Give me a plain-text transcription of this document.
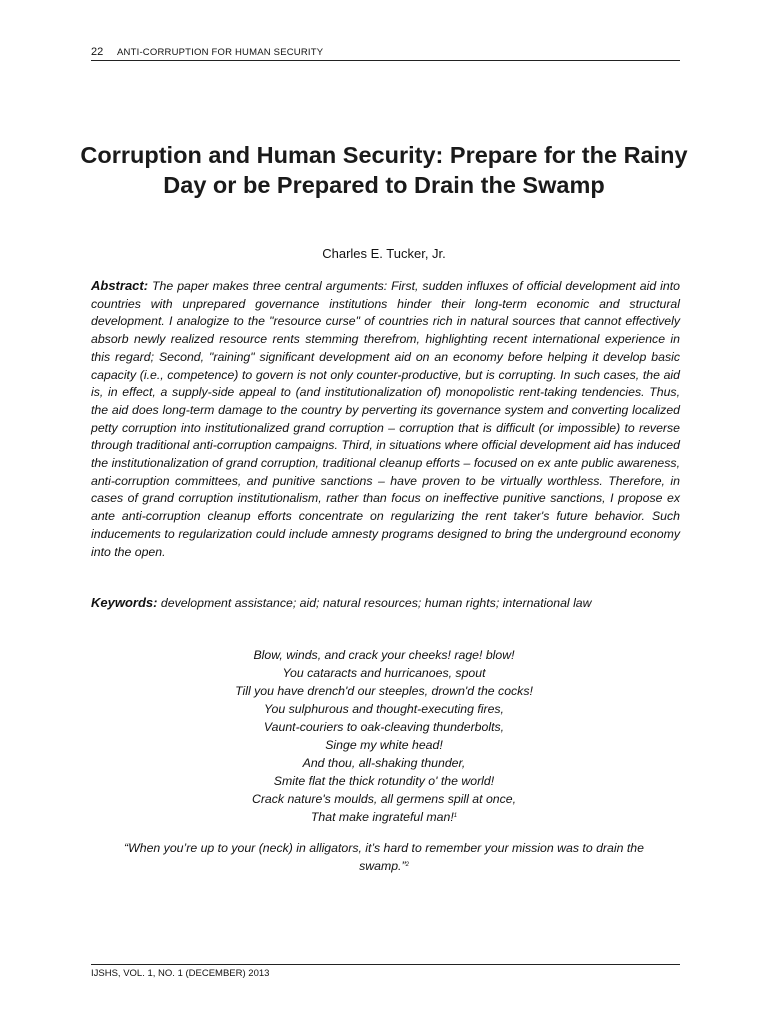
22 ANTI-CORRUPTION FOR HUMAN SECURITY
Corruption and Human Security: Prepare for the Rainy Day or be Prepared to Drain the Swamp
Charles E. Tucker, Jr.
Abstract: The paper makes three central arguments: First, sudden influxes of official development aid into countries with unprepared governance institutions hinder their long-term economic and structural development. I analogize to the "resource curse" of countries rich in natural sources that cannot effectively absorb newly realized resource rents stemming therefrom, highlighting recent international experience in this regard; Second, "raining" significant development aid on an economy before helping it develop basic capacity (i.e., competence) to govern is not only counter-productive, but is corrupting. In such cases, the aid is, in effect, a supply-side appeal to (and institutionalization of) monopolistic rent-taking tendencies. Thus, the aid does long-term damage to the country by perverting its governance system and converting localized petty corruption into institutionalized grand corruption – corruption that is difficult (or impossible) to reverse through traditional anti-corruption campaigns. Third, in situations where official development aid has induced the institutionalization of grand corruption, traditional cleanup efforts – focused on ex ante public awareness, anti-corruption committees, and punitive sanctions – have proven to be virtually worthless. Therefore, in cases of grand corruption institutionalism, rather than focus on ineffective punitive sanctions, I propose ex ante anti-corruption cleanup efforts concentrate on regularizing the rent taker's future behavior. Such inducements to regularization could include amnesty programs designed to bring the underground economy into the open.
Keywords: development assistance; aid; natural resources; human rights; international law
Blow, winds, and crack your cheeks! rage! blow!
You cataracts and hurricanoes, spout
Till you have drench'd our steeples, drown'd the cocks!
You sulphurous and thought-executing fires,
Vaunt-couriers to oak-cleaving thunderbolts,
Singe my white head!
And thou, all-shaking thunder,
Smite flat the thick rotundity o' the world!
Crack nature's moulds, all germens spill at once,
That make ingrateful man!$^1$
“When you’re up to your (neck) in alligators, it’s hard to remember your mission was to drain the swamp.”$^2$
IJSHS, VOL. 1, NO. 1 (DECEMBER) 2013
